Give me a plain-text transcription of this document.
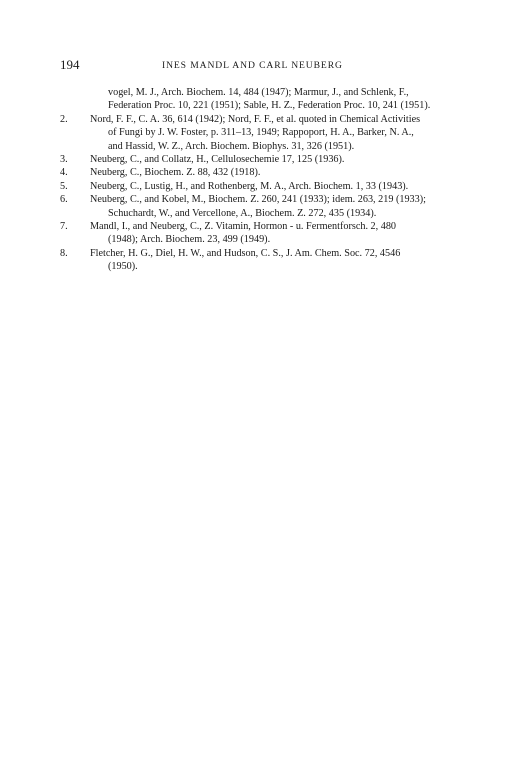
194	INES MANDL AND CARL NEUBERG
vogel, M. J., Arch. Biochem. 14, 484 (1947); Marmur, J., and Schlenk, F.,
Federation Proc. 10, 221 (1951); Sable, H. Z., Federation Proc. 10, 241 (1951).
2.	Nord, F. F., C. A. 36, 614 (1942); Nord, F. F., et al. quoted in Chemical Activities
of Fungi by J. W. Foster, p. 311–13, 1949; Rappoport, H. A., Barker, N. A.,
and Hassid, W. Z., Arch. Biochem. Biophys. 31, 326 (1951).
3.	Neuberg, C., and Collatz, H., Cellulosechemie 17, 125 (1936).
4.	Neuberg, C., Biochem. Z. 88, 432 (1918).
5.	Neuberg, C., Lustig, H., and Rothenberg, M. A., Arch. Biochem. 1, 33 (1943).
6.	Neuberg, C., and Kobel, M., Biochem. Z. 260, 241 (1933); idem. 263, 219 (1933);
Schuchardt, W., and Vercellone, A., Biochem. Z. 272, 435 (1934).
7.	Mandl, I., and Neuberg, C., Z. Vitamin, Hormon - u. Fermentforsch. 2, 480
(1948); Arch. Biochem. 23, 499 (1949).
8.	Fletcher, H. G., Diel, H. W., and Hudson, C. S., J. Am. Chem. Soc. 72, 4546
(1950).
